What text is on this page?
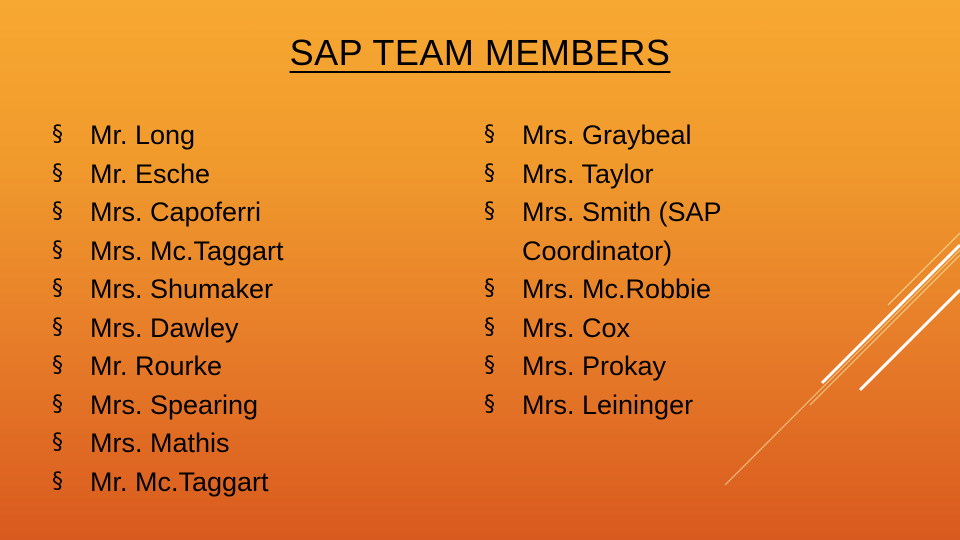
SAP TEAM MEMBERS
§ Mr. Long
§ Mr. Esche
§ Mrs. Capoferri
§ Mrs. Mc.Taggart
§ Mrs. Shumaker
§ Mrs. Dawley
§ Mr. Rourke
§ Mrs. Spearing
§ Mrs. Mathis
§ Mr. Mc.Taggart
§ Mrs. Graybeal
§ Mrs. Taylor
§ Mrs. Smith (SAP Coordinator)
§ Mrs. Mc.Robbie
§ Mrs. Cox
§ Mrs. Prokay
§ Mrs. Leininger
